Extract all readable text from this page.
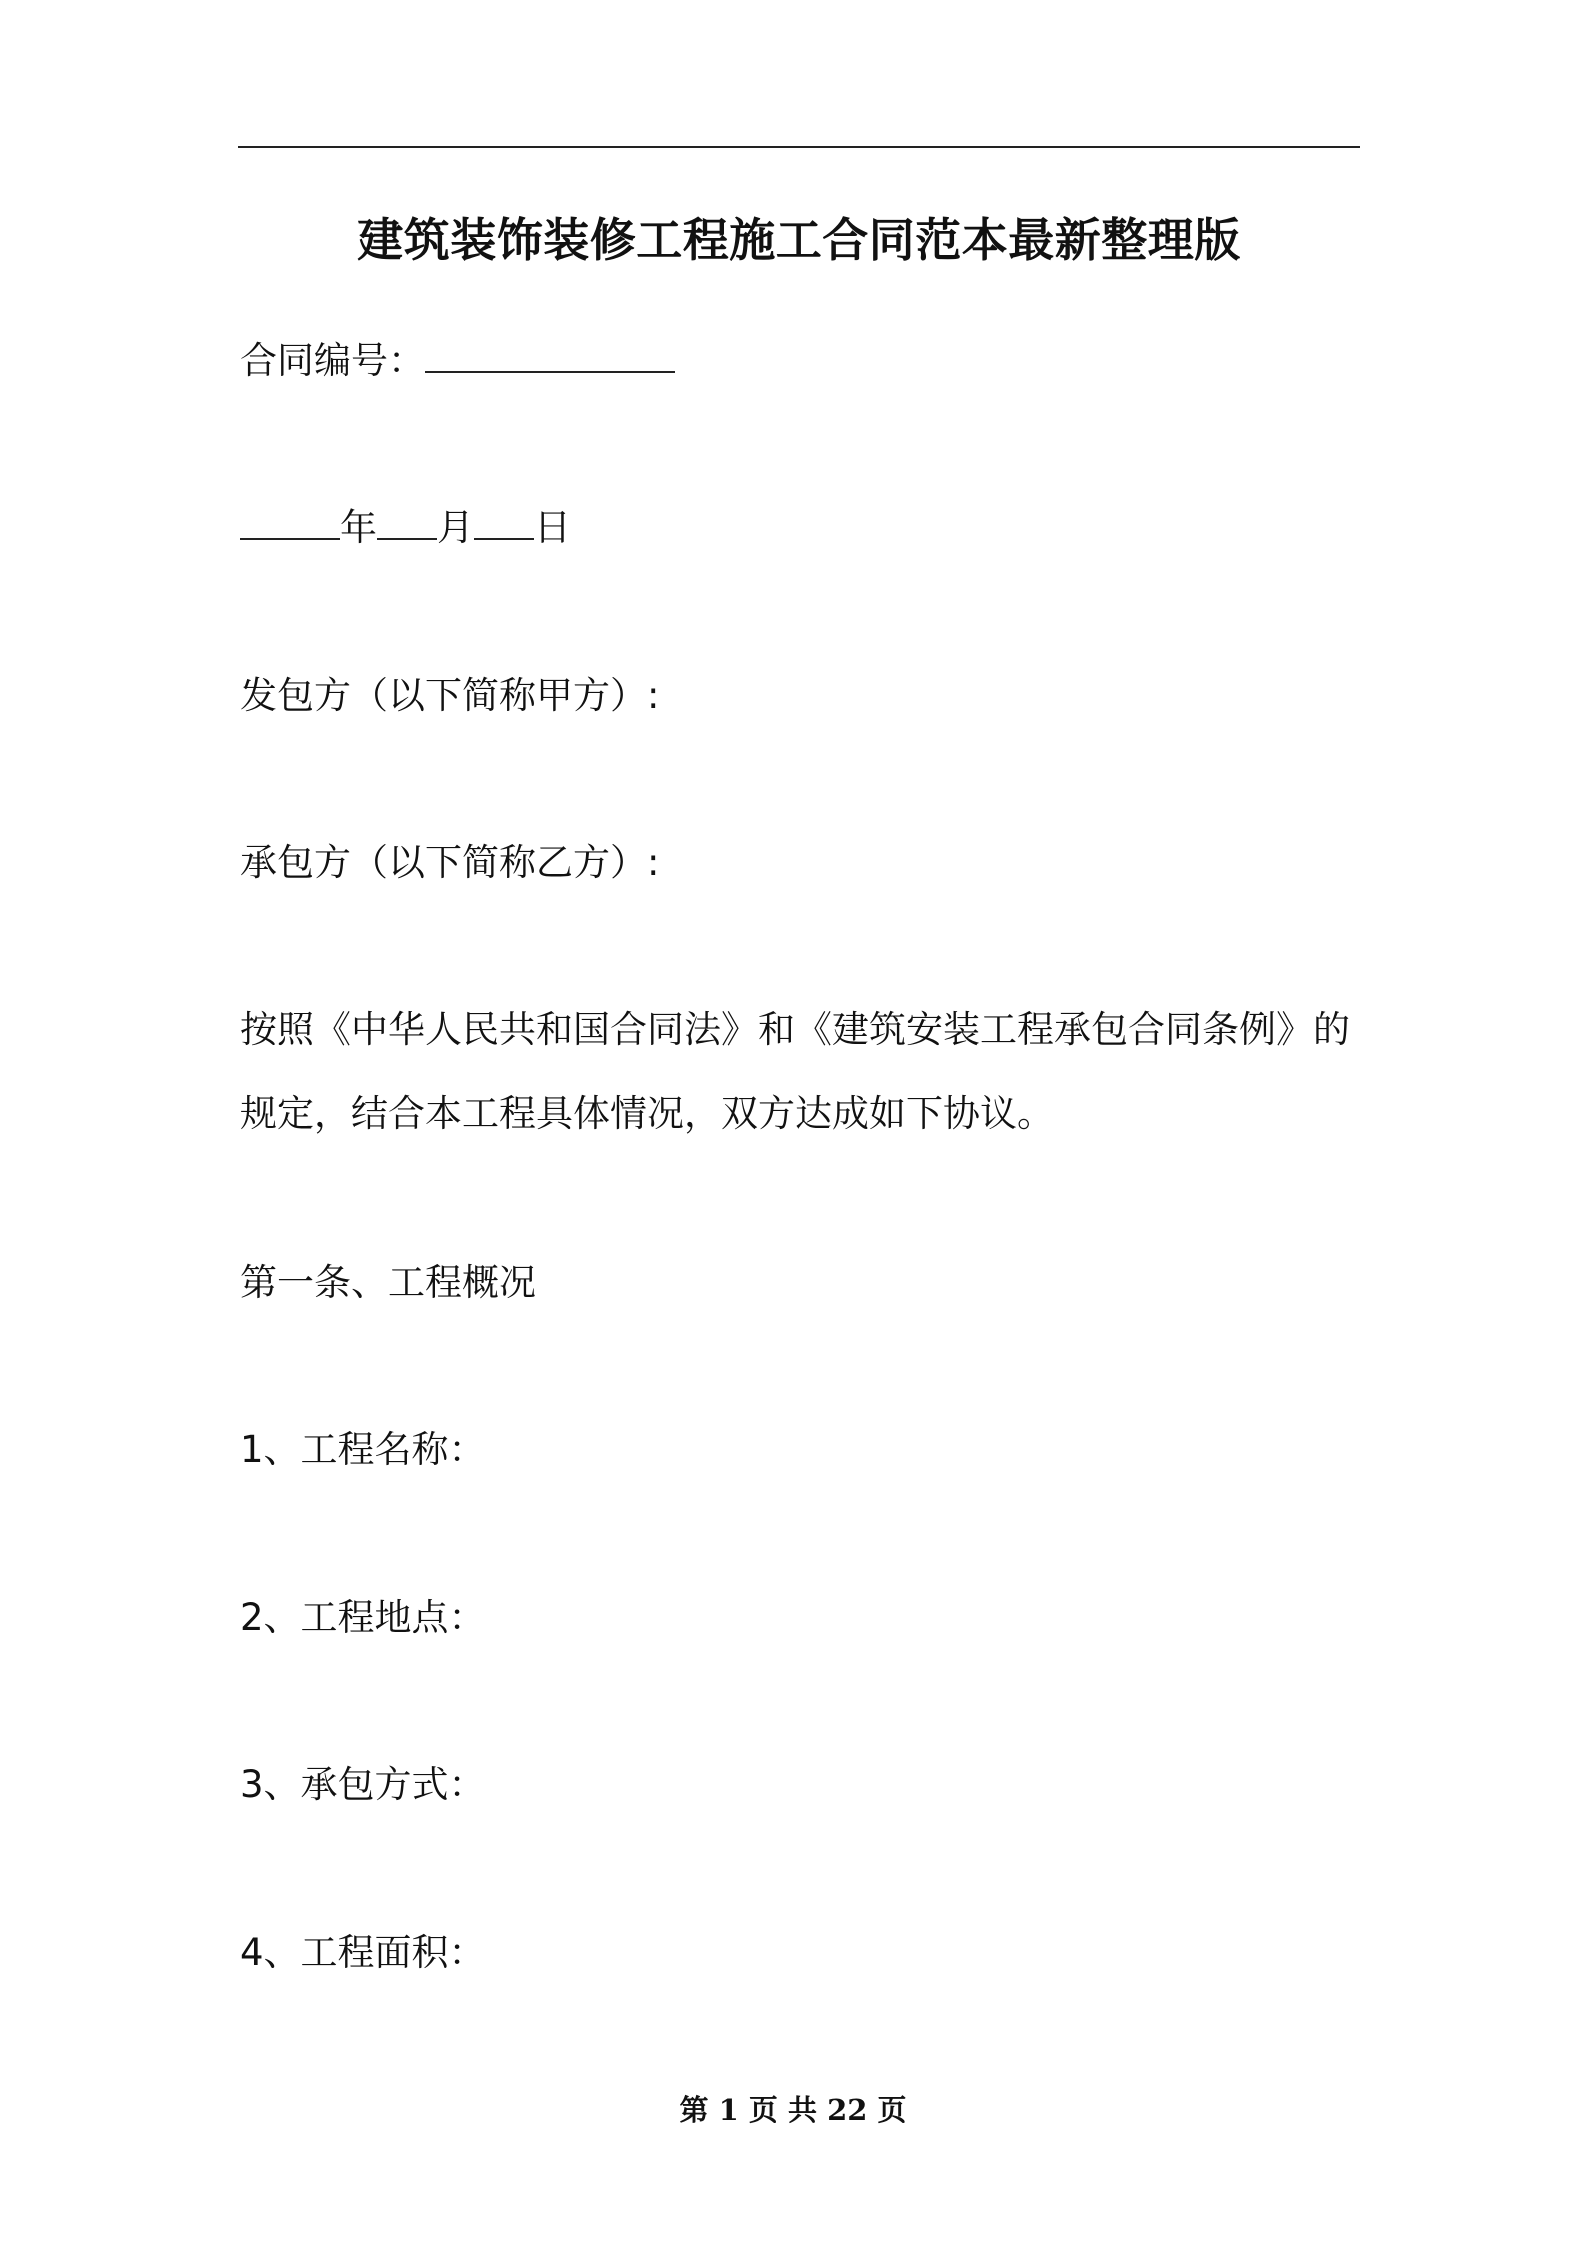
建筑装饰装修工程施工合同范本最新整理版
合同编号：
年 月 日
发包方（以下简称甲方）:
承包方（以下简称乙方）:
按照《中华人民共和国合同法》和《建筑安装工程承包合同条例》的
规定，结合本工程具体情况，双方达成如下协议。
第一条、工程概况
1、工程名称：
2、工程地点：
3、承包方式：
4、工程面积：
第 1 页 共 22 页
